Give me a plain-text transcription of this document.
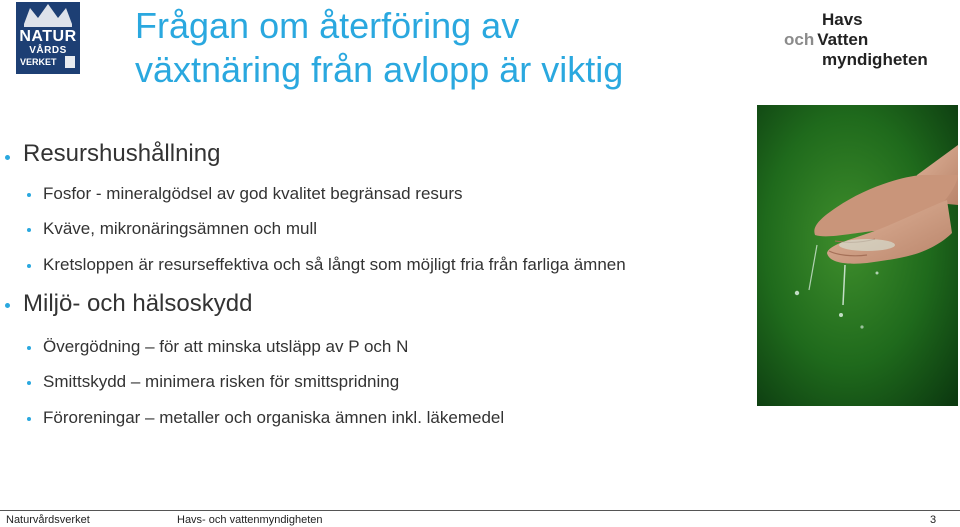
NATUR
VÅRDS
VERKET
Frågan om återföring av
växtnäring från avlopp är viktig
Havs
och Vatten
myndigheten
Resurshushållning
Fosfor - mineralgödsel av god kvalitet begränsad resurs
Kväve, mikronäringsämnen och mull
Kretsloppen är resurseffektiva och så långt som möjligt fria från farliga ämnen
Miljö- och hälsoskydd
Övergödning – för att minska utsläpp av P och N
Smittskydd – minimera risken för smittspridning
Föroreningar – metaller och organiska ämnen inkl. läkemedel
Naturvårdsverket	Havs- och vattenmyndigheten	3
